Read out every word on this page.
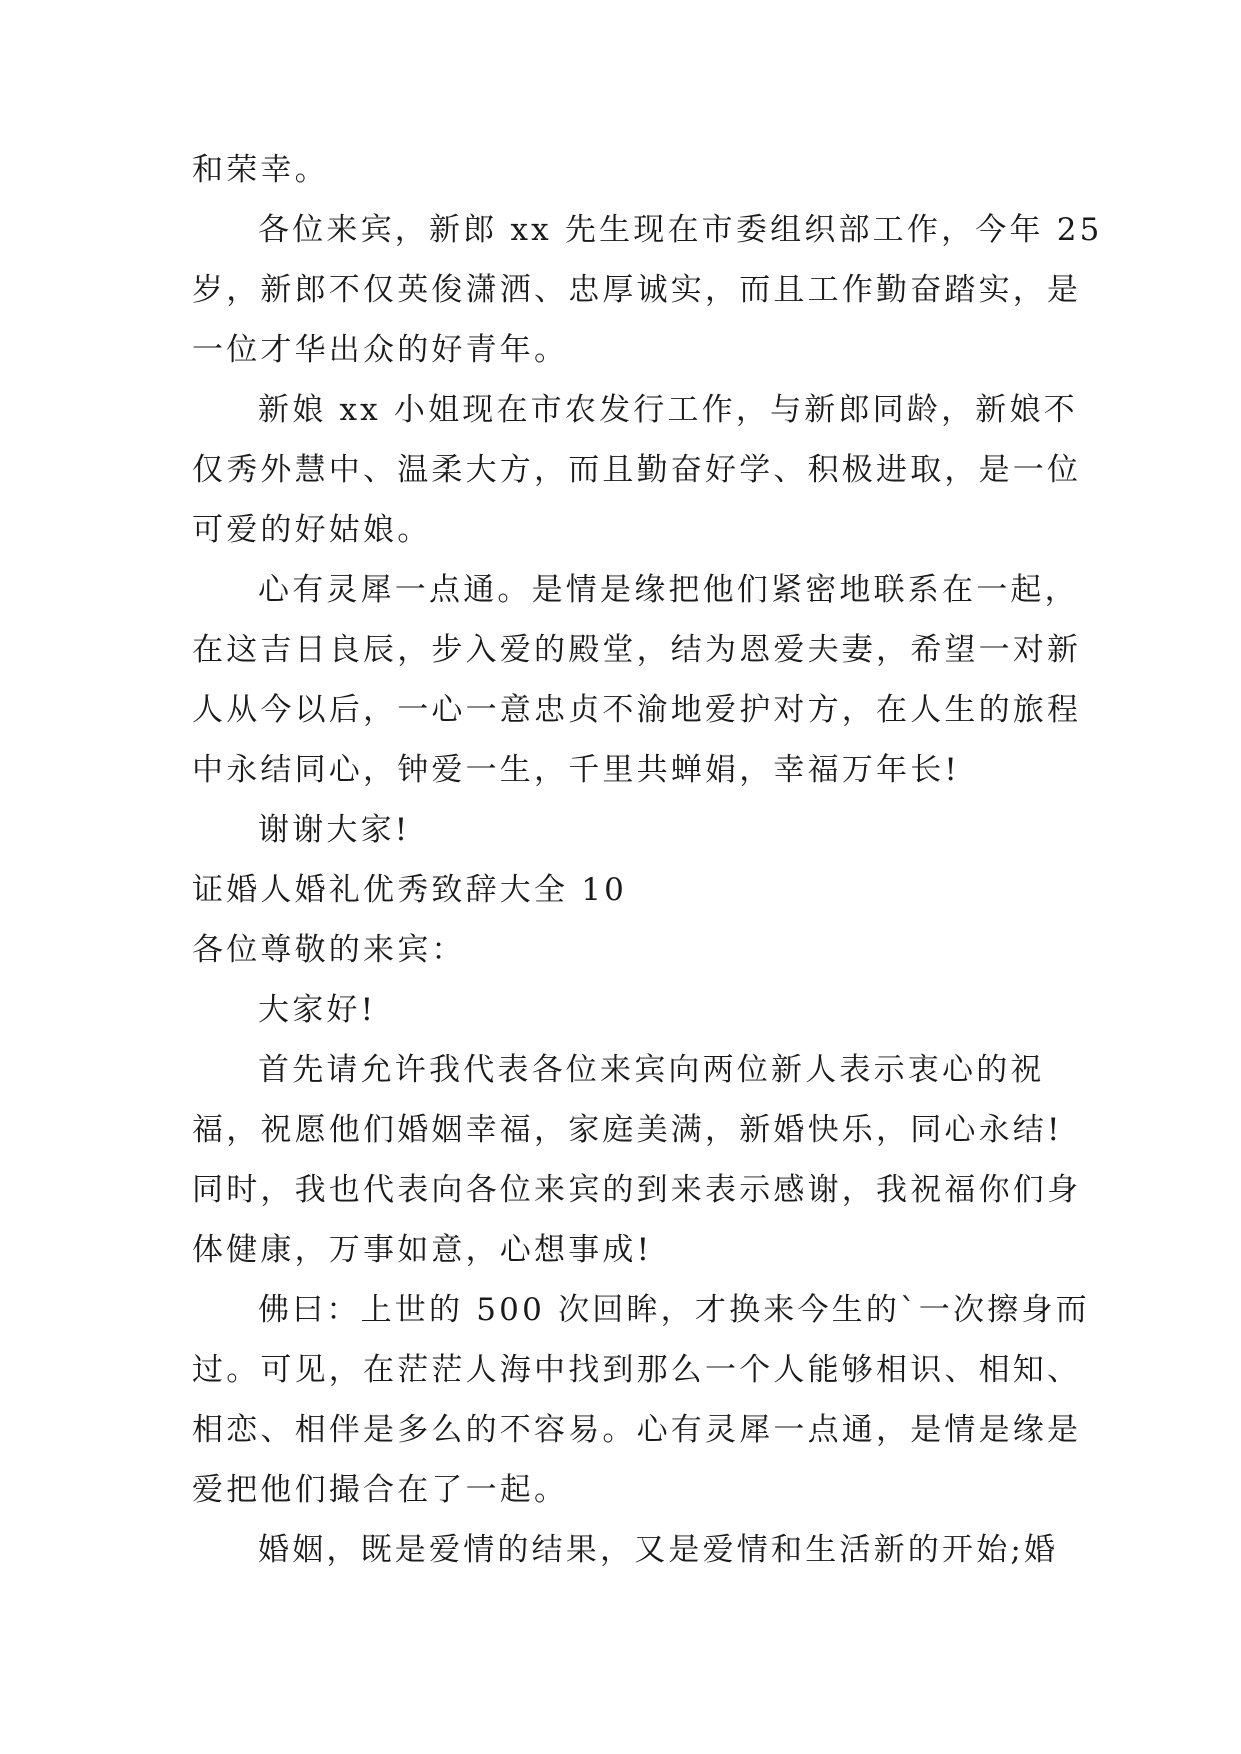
和荣幸。
各位来宾，新郎 xx 先生现在市委组织部工作，今年 25
岁，新郎不仅英俊潇洒、忠厚诚实，而且工作勤奋踏实，是
一位才华出众的好青年。
新娘 xx 小姐现在市农发行工作，与新郎同龄，新娘不
仅秀外慧中、温柔大方，而且勤奋好学、积极进取，是一位
可爱的好姑娘。
心有灵犀一点通。是情是缘把他们紧密地联系在一起，
在这吉日良辰，步入爱的殿堂，结为恩爱夫妻，希望一对新
人从今以后，一心一意忠贞不渝地爱护对方，在人生的旅程
中永结同心，钟爱一生，千里共蝉娟，幸福万年长!
谢谢大家!
证婚人婚礼优秀致辞大全 10
各位尊敬的来宾：
大家好!
首先请允许我代表各位来宾向两位新人表示衷心的祝
福，祝愿他们婚姻幸福，家庭美满，新婚快乐，同心永结!
同时，我也代表向各位来宾的到来表示感谢，我祝福你们身
体健康，万事如意，心想事成!
佛曰：上世的 500 次回眸，才换来今生的`一次擦身而
过。可见，在茫茫人海中找到那么一个人能够相识、相知、
相恋、相伴是多么的不容易。心有灵犀一点通，是情是缘是
爱把他们撮合在了一起。
婚姻，既是爱情的结果，又是爱情和生活新的开始;婚
